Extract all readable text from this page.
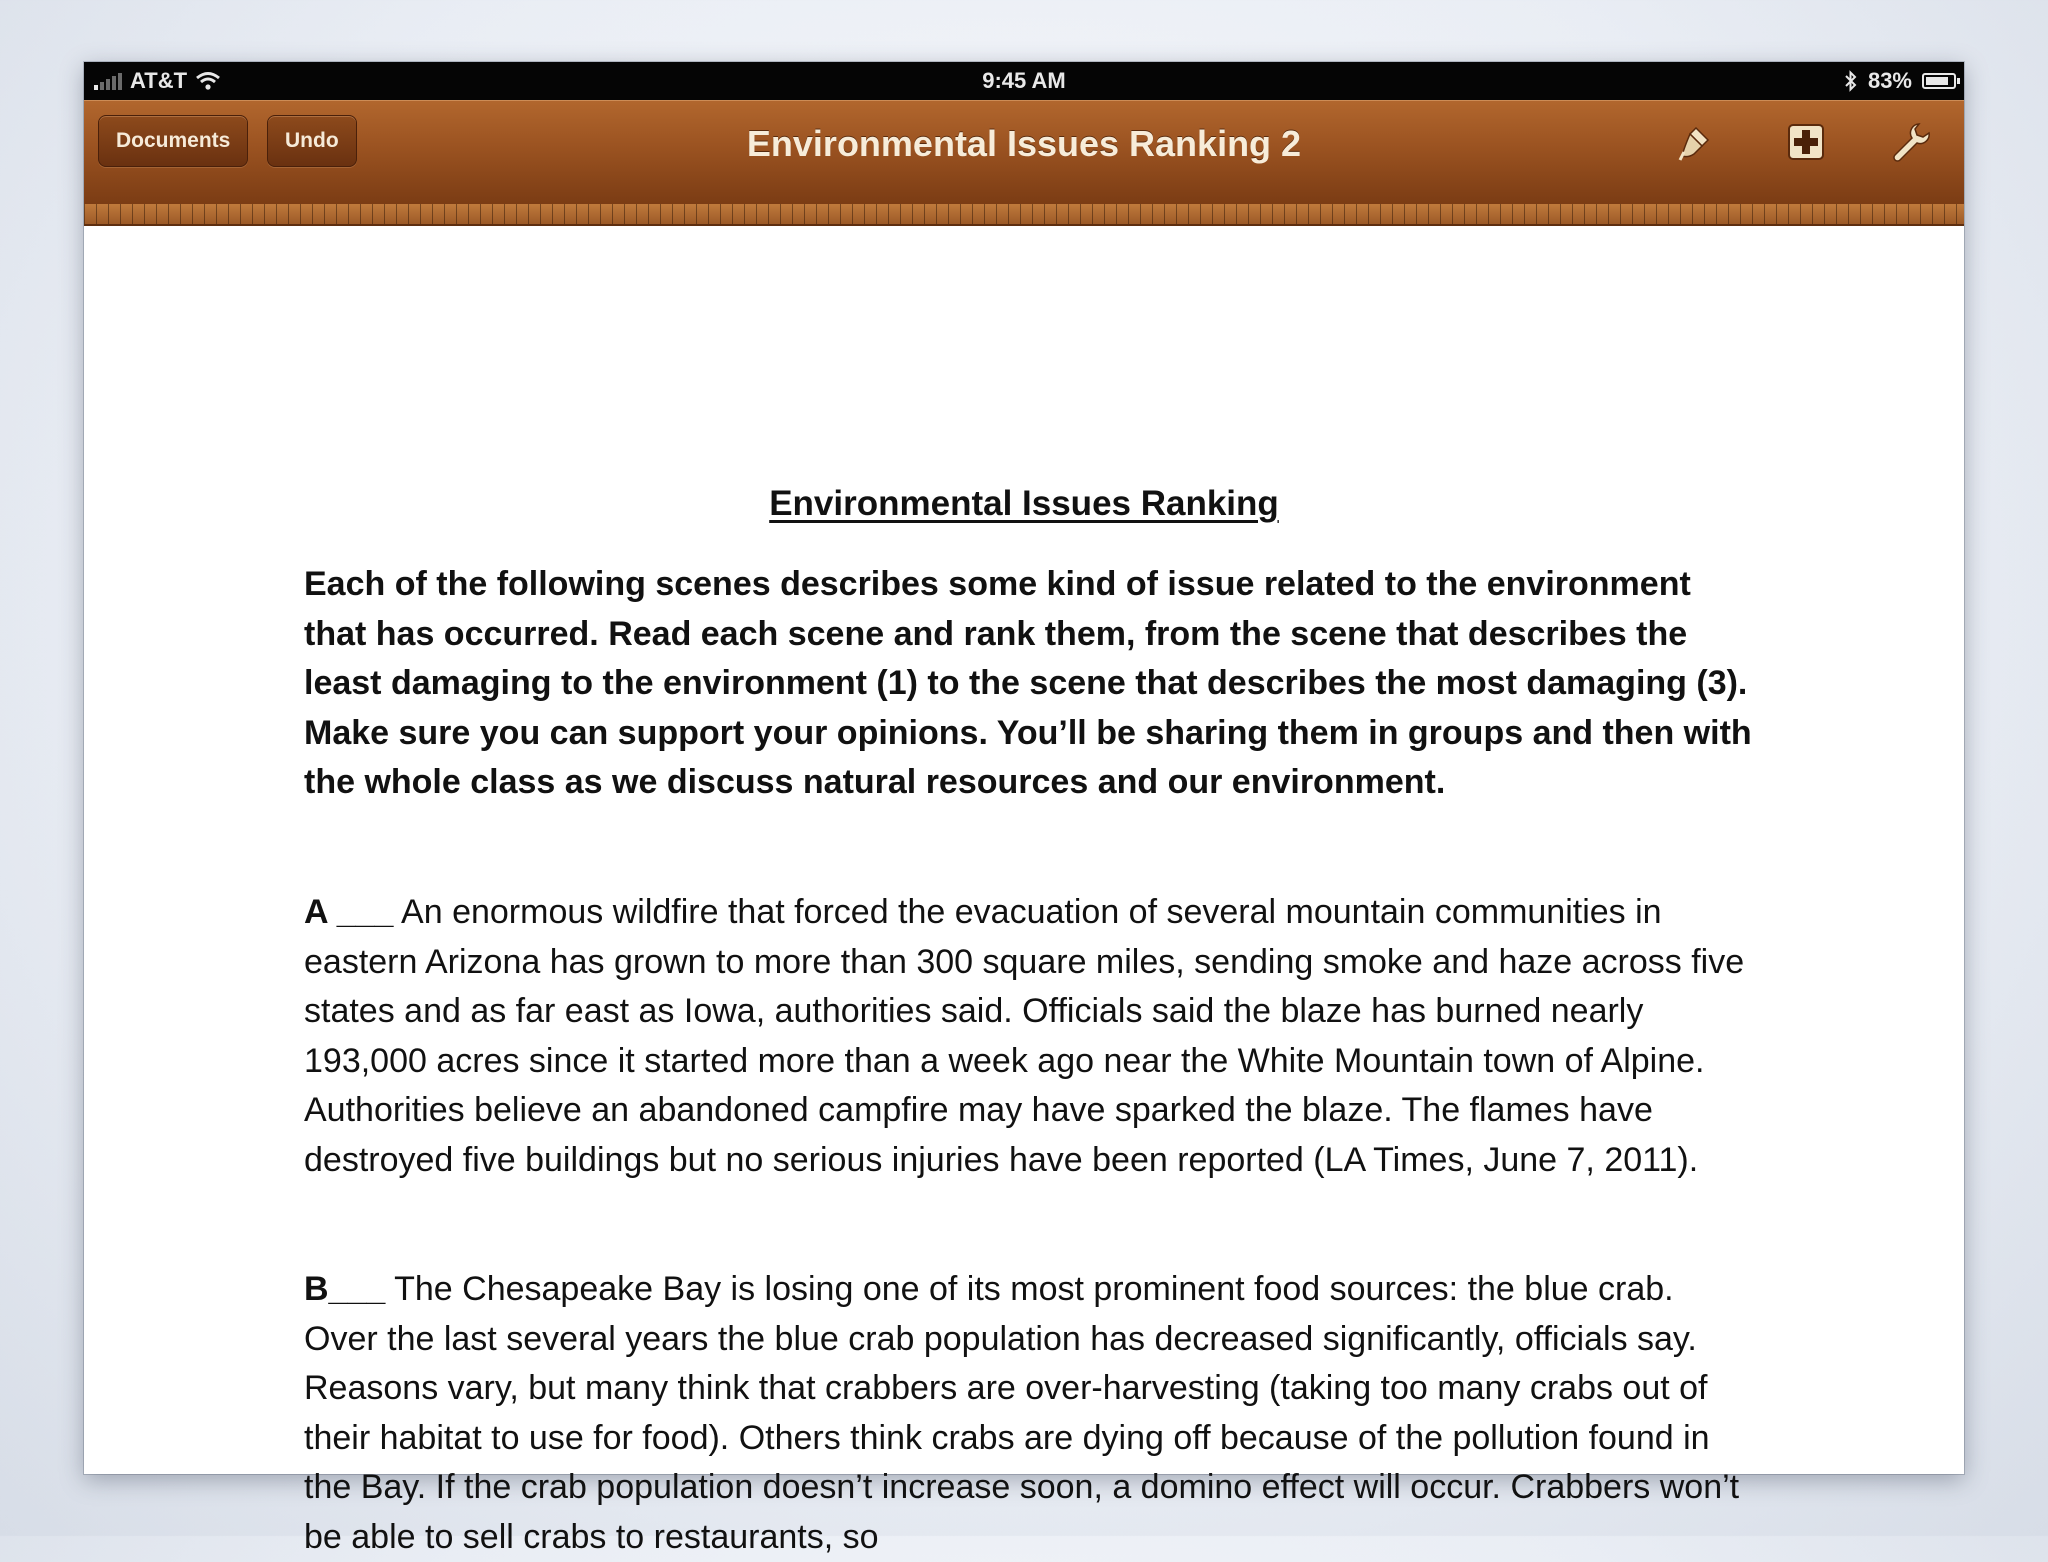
AT&T	9:45 AM	83%
Documents	Undo	Environmental Issues Ranking 2
Environmental Issues Ranking

Each of the following scenes describes some kind of issue related to the environment that has occurred. Read each scene and rank them, from the scene that describes the least damaging to the environment (1) to the scene that describes the most damaging (3). Make sure you can support your opinions. You’ll be sharing them in groups and then with the whole class as we discuss natural resources and our environment.

A ___ An enormous wildfire that forced the evacuation of several mountain communities in eastern Arizona has grown to more than 300 square miles, sending smoke and haze across five states and as far east as Iowa, authorities said. Officials said the blaze has burned nearly 193,000 acres since it started more than a week ago near the White Mountain town of Alpine. Authorities believe an abandoned campfire may have sparked the blaze. The flames have destroyed five buildings but no serious injuries have been reported (LA Times, June 7, 2011).

B___ The Chesapeake Bay is losing one of its most prominent food sources: the blue crab. Over the last several years the blue crab population has decreased significantly, officials say. Reasons vary, but many think that crabbers are over-harvesting (taking too many crabs out of their habitat to use for food). Others think crabs are dying off because of the pollution found in the Bay. If the crab population doesn’t increase soon, a domino effect will occur. Crabbers won’t be able to sell crabs to restaurants, so
